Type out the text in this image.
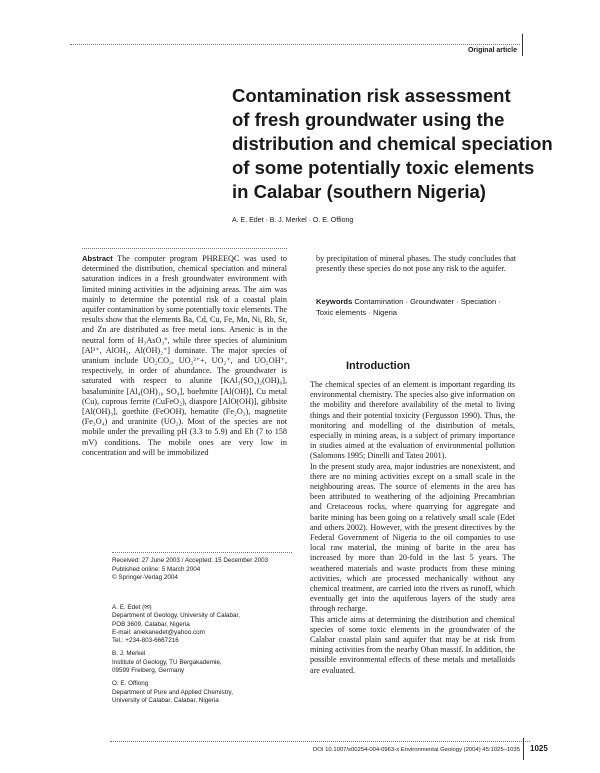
Original article
Contamination risk assessment
of fresh groundwater using the
distribution and chemical speciation
of some potentially toxic elements
in Calabar (southern Nigeria)
A. E. Edet · B. J. Merkel · O. E. Offiong
Abstract The computer program PHREEQC was used to determined the distribution, chemical speciation and mineral saturation indices in a fresh groundwater environment with limited mining activities in the adjoining areas. The aim was mainly to determine the potential risk of a coastal plain aquifer contamination by some potentially toxic elements. The results show that the elements Ba, Cd, Cu, Fe, Mn, Ni, Rb, Sr, and Zn are distributed as free metal ions. Arsenic is in the neutral form of H₃AsO₃°, while three species of aluminium [Al³⁺, AlOH₂, Al(OH)₂⁺] dominate. The major species of uranium include UO₂CO₃, UO₂²⁺+, UO₂⁺, and UO₂OH⁺, respectively, in order of abundance. The groundwater is saturated with respect to alunite [KAl₃(SO₄)₂(OH)₆], basaluminite [Al₄(OH)₁₀ SO₄], boehmite [Al(OH)], Cu metal (Cu), cuprous ferrite (CuFeO₂), diaspore [AlO(OH)], gibbsite [Al(OH)₃], goethite (FeOOH), hematite (Fe₂O₃), magnetite (Fe₃O₄) and uraninite (UO₂). Most of the species are not mobile under the prevailing pH (3.3 to 5.9) and Eh (7 to 158 mV) conditions. The mobile ones are very low in concentration and will be immobilized
by precipitation of mineral phases. The study concludes that presently these species do not pose any risk to the aquifer.
Keywords Contamination · Groundwater · Speciation · Toxic elements · Nigeria
Introduction

The chemical species of an element is important regarding its environmental chemistry. The species also give information on the mobility and therefore availability of the metal to living things and their potential toxicity (Fergusson 1990). Thus, the monitoring and modelling of the distribution of metals, especially in mining areas, is a subject of primary importance in studies aimed at the evaluation of environmental pollution (Salomons 1995; Dinelli and Tateo 2001).

In the present study area, major industries are nonexistent, and there are no mining activities except on a small scale in the neighbouring areas. The source of elements in the area has been attributed to weathering of the adjoining Precambrian and Cretaceous rocks, where quarrying for aggregate and barite mining has been going on a relatively small scale (Edet and others 2002). However, with the present directives by the Federal Government of Nigeria to the oil companies to use local raw material, the mining of barite in the area has increased by more than 20-fold in the last 5 years. The weathered materials and waste products from these mining activities, which are processed mechanically without any chemical treatment, are carried into the rivers as runoff, which eventually get into the aquiferous layers of the study area through recharge.

This article aims at determining the distribution and chemical species of some toxic elements in the groundwater of the Calabar coastal plain sand aquifer that may be at risk from mining activities from the nearby Oban massif. In addition, the possible environmental effects of these metals and metalloids are evaluated.

Received: 27 June 2003 / Accepted: 15 December 2003
Published online: 5 March 2004
© Springer-Verlag 2004
A. E. Edet (✉)
Department of Geology, University of Calabar,
POB 3609, Calabar, Nigeria
E-mail: aniekanedet@yahoo.com
Tel.: +234-803-6667216
B. J. Merkel
Institute of Geology, TU Bergakademie,
09599 Freiberg, Germany
O. E. Offiong
Department of Pure and Applied Chemistry,
University of Calabar, Calabar, Nigeria
DOI 10.1007/s00254-004-0963-x Environmental Geology (2004) 45:1025–1035 1025
